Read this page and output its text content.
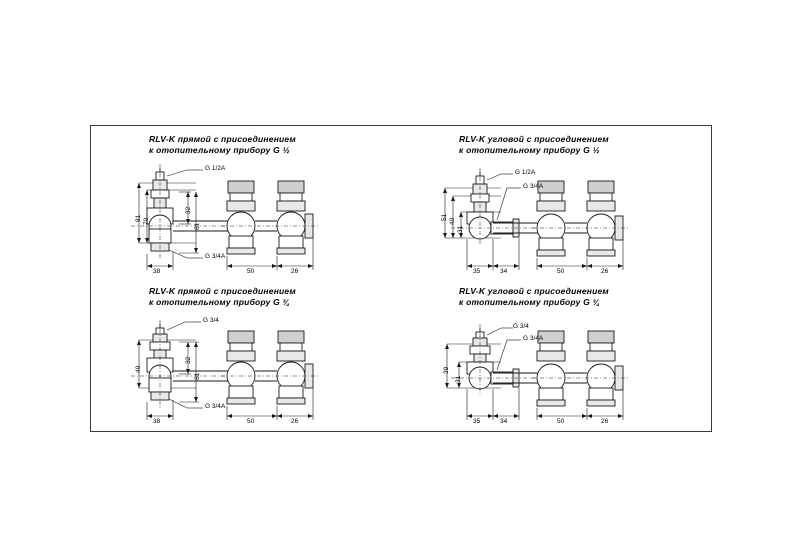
RLV-K прямой с присоединением
к отопительному прибору G ½
81 70
32
61
38	50	26
G 1/2A
G 3/4A
RLV-K угловой с присоединением
к отопительному прибору G ½
51
40
31
35	34	50	26
G 1/2A
G 3/4A
RLV-K прямой с присоединением
к отопительному прибору G ¾
40
32
61
38	50	26
G 3/4
G 3/4A
RLV-K угловой с присоединением
к отопительному прибору G ¾
39
31
35	34	50	26
G 3/4
G 3/4A
